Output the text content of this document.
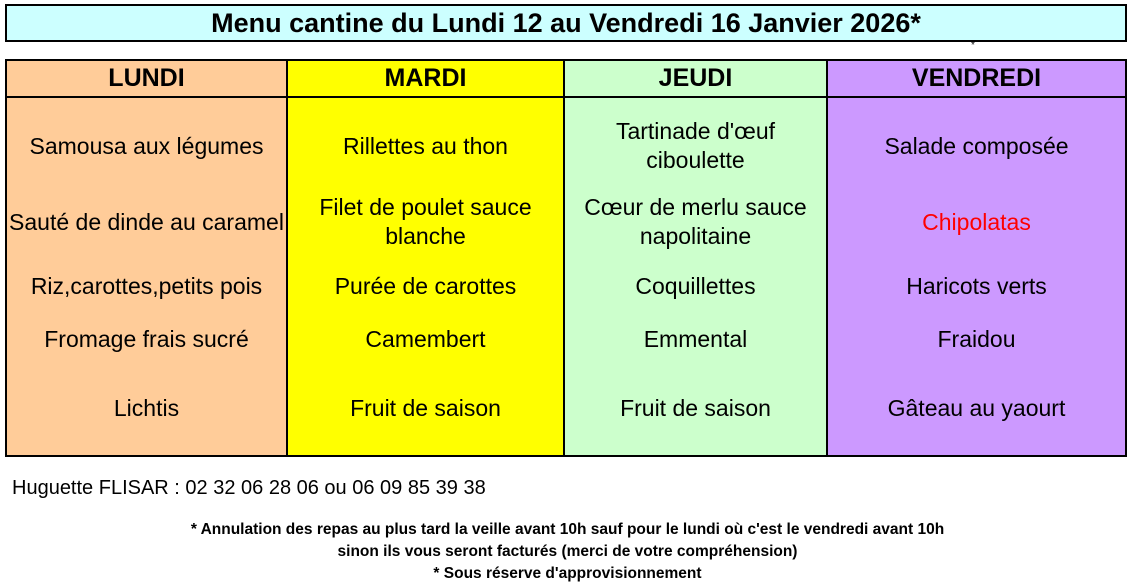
Menu cantine du Lundi 12 au Vendredi 16 Janvier 2026*
*
LUNDI
Samousa aux légumes
Sauté de dinde au caramel
Riz,carottes,petits pois
Fromage frais sucré
Lichtis
MARDI
Rillettes au thon
Filet de poulet sauce blanche
Purée de carottes
Camembert
Fruit de saison
JEUDI
Tartinade d'œuf ciboulette
Cœur de merlu sauce napolitaine
Coquillettes
Emmental
Fruit de saison
VENDREDI
Salade composée
Chipolatas
Haricots verts
Fraidou
Gâteau au yaourt
Huguette FLISAR : 02 32 06 28 06 ou 06 09 85 39 38
* Annulation des repas au plus tard la veille avant 10h sauf pour le lundi où c'est le vendredi avant 10h
sinon ils vous seront facturés (merci de votre compréhension)
* Sous réserve d'approvisionnement
